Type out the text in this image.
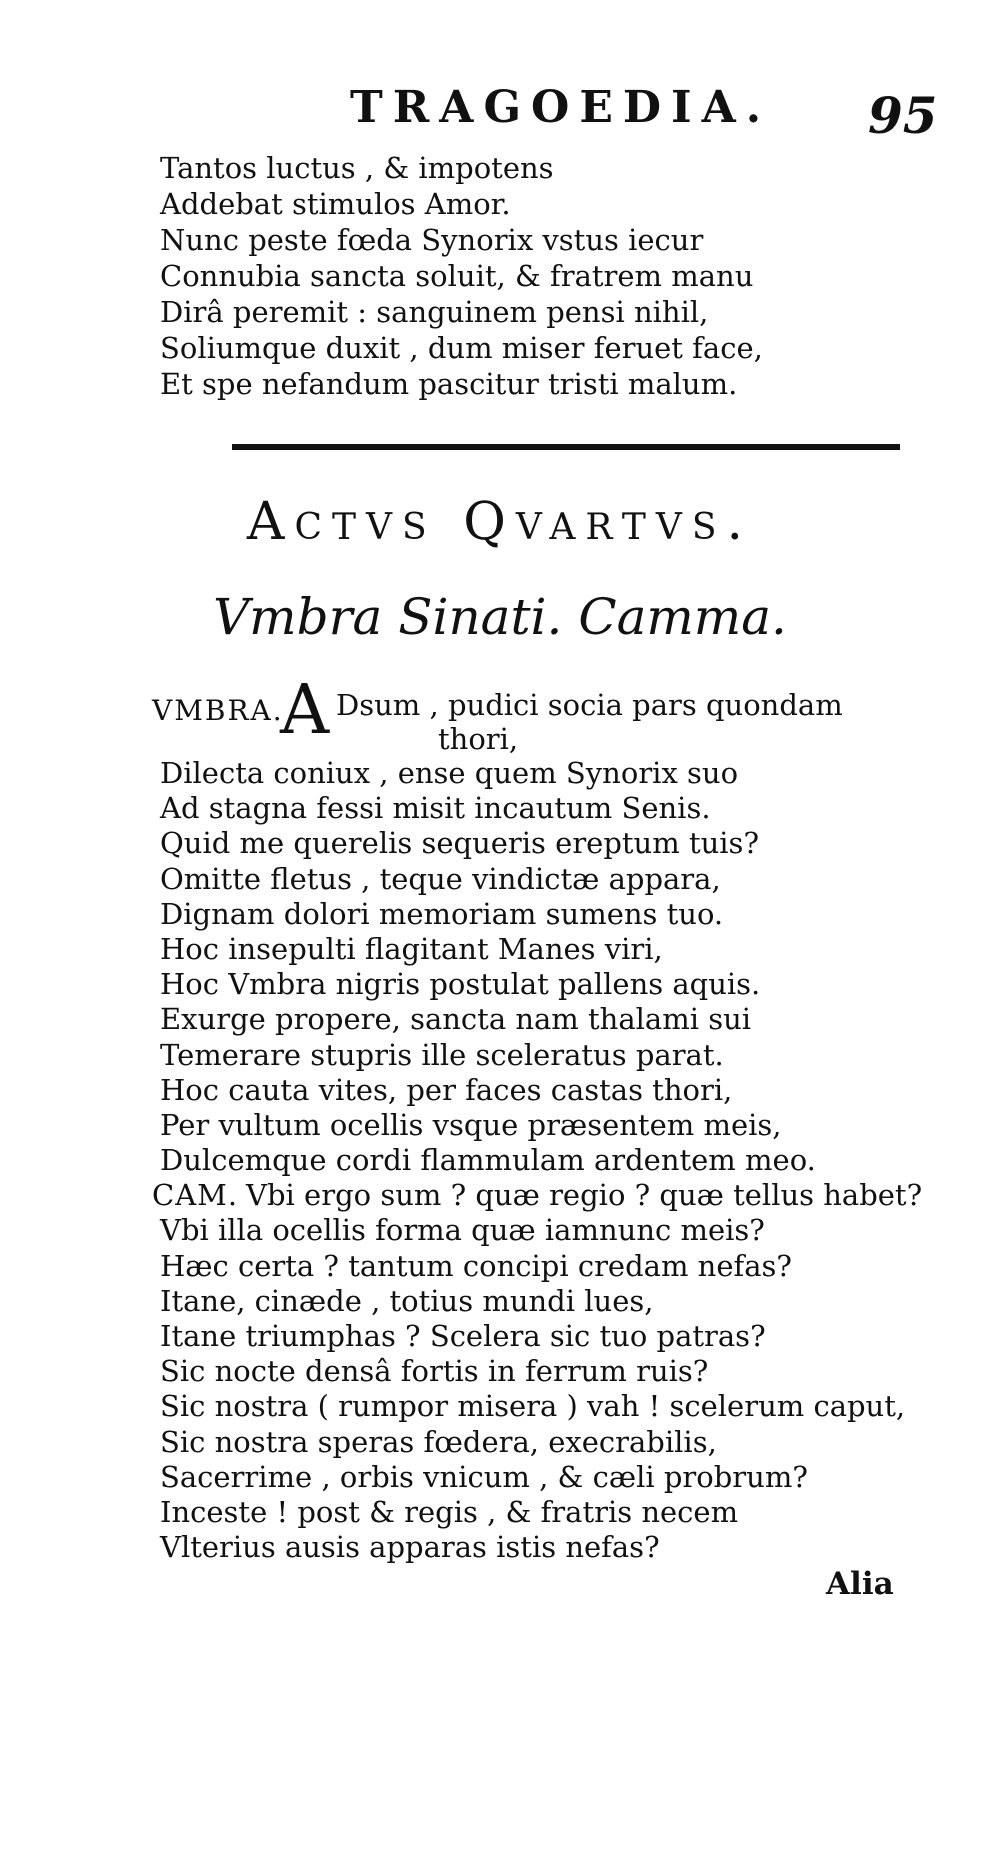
TRAGOEDIA. 95
Tantos luctus , & impotens
Addebat stimulos Amor.
Nunc peste fœda Synorix vstus iecur
Connubia sancta soluit, & fratrem manu
Dirâ peremit : sanguinem pensi nihil,
Soliumque duxit , dum miser feruet face,
Et spe nefandum pascitur tristi malum.
Actvs Qvartvs.
Vmbra Sinati. Camma.
VMBRA.
A Dsum , pudici socia pars quondam
thori,
Dilecta coniux , ense quem Synorix suo
Ad stagna fessi misit incautum Senis.
Quid me querelis sequeris ereptum tuis?
Omitte fletus , teque vindictæ appara,
Dignam dolori memoriam sumens tuo.
Hoc insepulti flagitant Manes viri,
Hoc Vmbra nigris postulat pallens aquis.
Exurge propere, sancta nam thalami sui
Temerare stupris ille sceleratus parat.
Hoc cauta vites, per faces castas thori,
Per vultum ocellis vsque præsentem meis,
Dulcemque cordi flammulam ardentem meo.
CAM. Vbi ergo sum ? quæ regio ? quæ tellus habet?
Vbi illa ocellis forma quæ iamnunc meis?
Hæc certa ? tantum concipi credam nefas?
Itane, cinæde , totius mundi lues,
Itane triumphas ? Scelera sic tuo patras?
Sic nocte densâ fortis in ferrum ruis?
Sic nostra ( rumpor misera ) vah ! scelerum caput,
Sic nostra speras fœdera, execrabilis,
Sacerrime , orbis vnicum , & cæli probrum?
Inceste ! post & regis , & fratris necem
Vlterius ausis apparas istis nefas?
Alia
